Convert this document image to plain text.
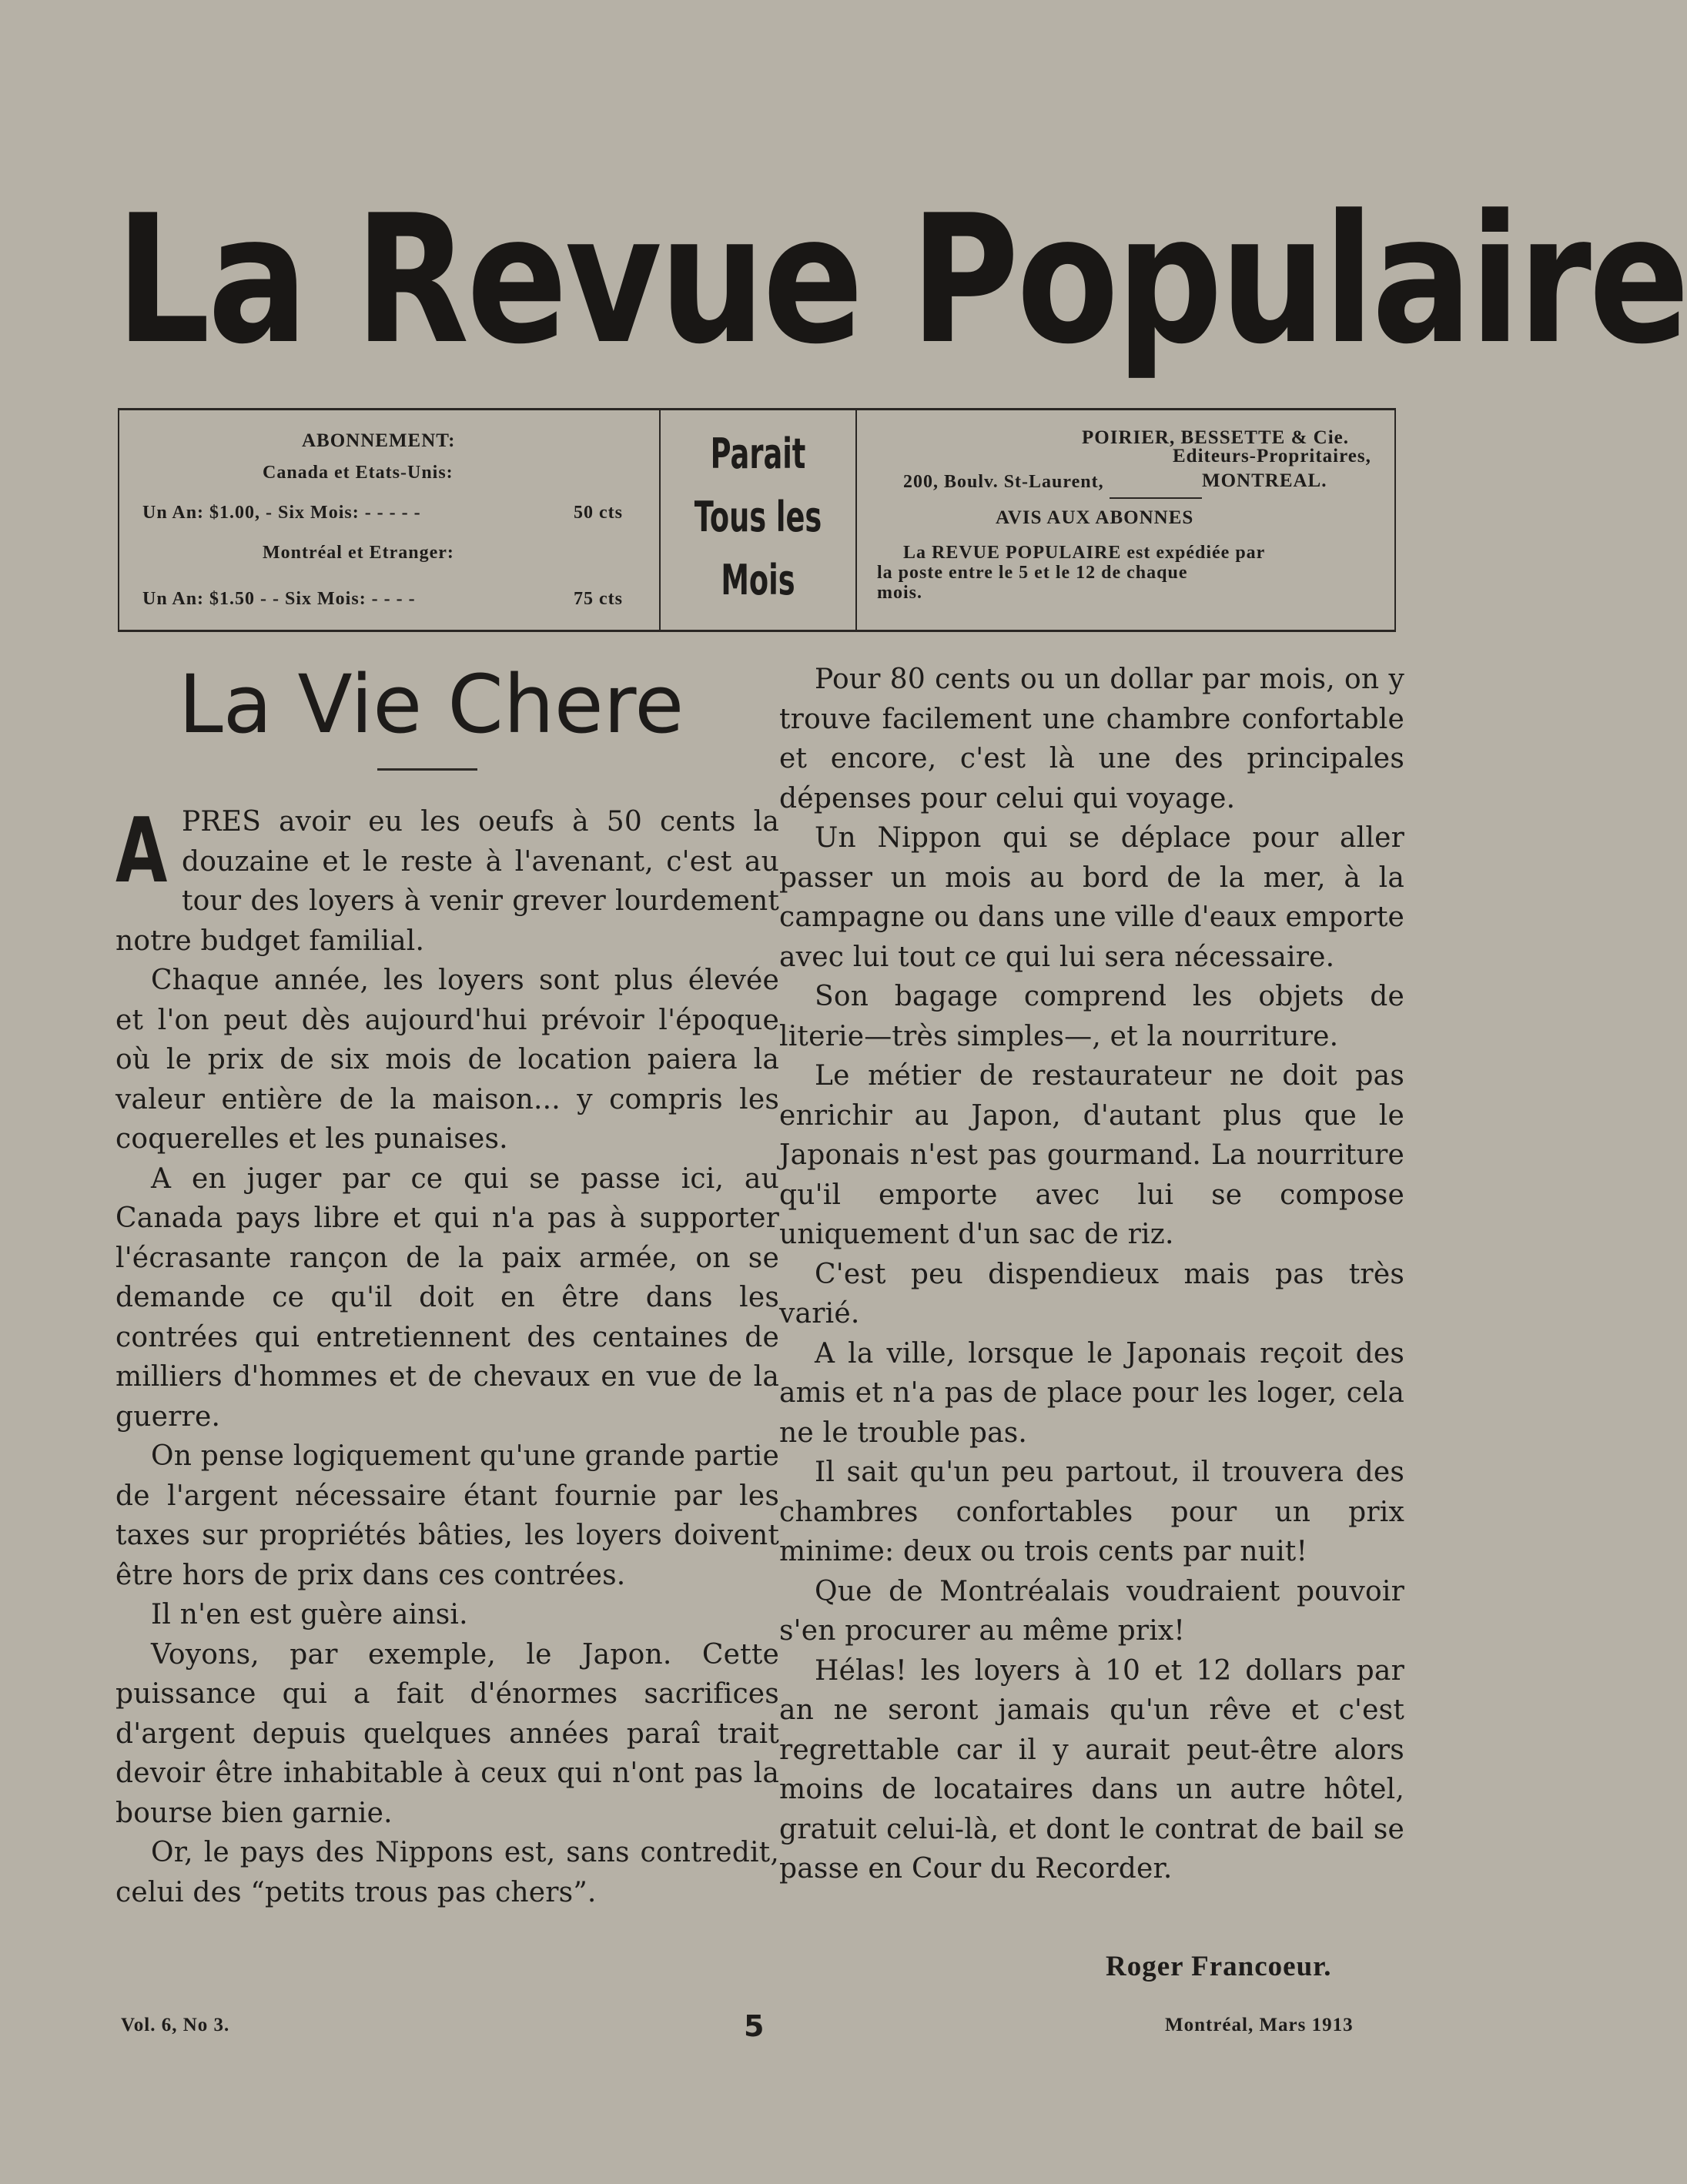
La Revue Populaire
ABONNEMENT:
Canada et Etats-Unis:
Un An: $1.00, - Six Mois: - - - - -	50 cts
Montréal et Etranger:
Un An: $1.50 - - Six Mois: - - - -	75 cts
Parait
Tous les
Mois
POIRIER, BESSETTE & Cie.
Editeurs-Propritaires,
200, Boulv. St-Laurent,	MONTREAL.
AVIS AUX ABONNES
La REVUE POPULAIRE est expédiée par
la poste entre le 5 et le 12 de chaque
mois.
La Vie Chere

APRES avoir eu les oeufs à 50 cents la douzaine et le reste à l'avenant, c'est au tour des loyers à venir grever lourdement notre budget familial.

Chaque année, les loyers sont plus élevée et l'on peut dès aujourd'hui prévoir l'époque où le prix de six mois de location paiera la valeur entière de la maison... y compris les coquerelles et les punaises.

A en juger par ce qui se passe ici, au Canada pays libre et qui n'a pas à supporter l'écrasante rançon de la paix armée, on se demande ce qu'il doit en être dans les contrées qui entretiennent des centaines de milliers d'hommes et de chevaux en vue de la guerre.

On pense logiquement qu'une grande partie de l'argent nécessaire étant fournie par les taxes sur propriétés bâties, les loyers doivent être hors de prix dans ces contrées.

Il n'en est guère ainsi.

Voyons, par exemple, le Japon. Cette puissance qui a fait d'énormes sacrifices d'argent depuis quelques années paraî trait devoir être inhabitable à ceux qui n'ont pas la bourse bien garnie.

Or, le pays des Nippons est, sans contredit, celui des “petits trous pas chers”.

Pour 80 cents ou un dollar par mois, on y trouve facilement une chambre confortable et encore, c'est là une des principales dépenses pour celui qui voyage.

Un Nippon qui se déplace pour aller passer un mois au bord de la mer, à la campagne ou dans une ville d'eaux emporte avec lui tout ce qui lui sera nécessaire.

Son bagage comprend les objets de literie—très simples—, et la nourriture.

Le métier de restaurateur ne doit pas enrichir au Japon, d'autant plus que le Japonais n'est pas gourmand. La nourriture qu'il emporte avec lui se compose uniquement d'un sac de riz.

C'est peu dispendieux mais pas très varié.

A la ville, lorsque le Japonais reçoit des amis et n'a pas de place pour les loger, cela ne le trouble pas.

Il sait qu'un peu partout, il trouvera des chambres confortables pour un prix minime: deux ou trois cents par nuit!

Que de Montréalais voudraient pouvoir s'en procurer au même prix!

Hélas! les loyers à 10 et 12 dollars par an ne seront jamais qu'un rêve et c'est regrettable car il y aurait peut-être alors moins de locataires dans un autre hôtel, gratuit celui-là, et dont le contrat de bail se passe en Cour du Recorder.

Roger Francoeur.
Vol. 6, No 3.	5	Montréal, Mars 1913
